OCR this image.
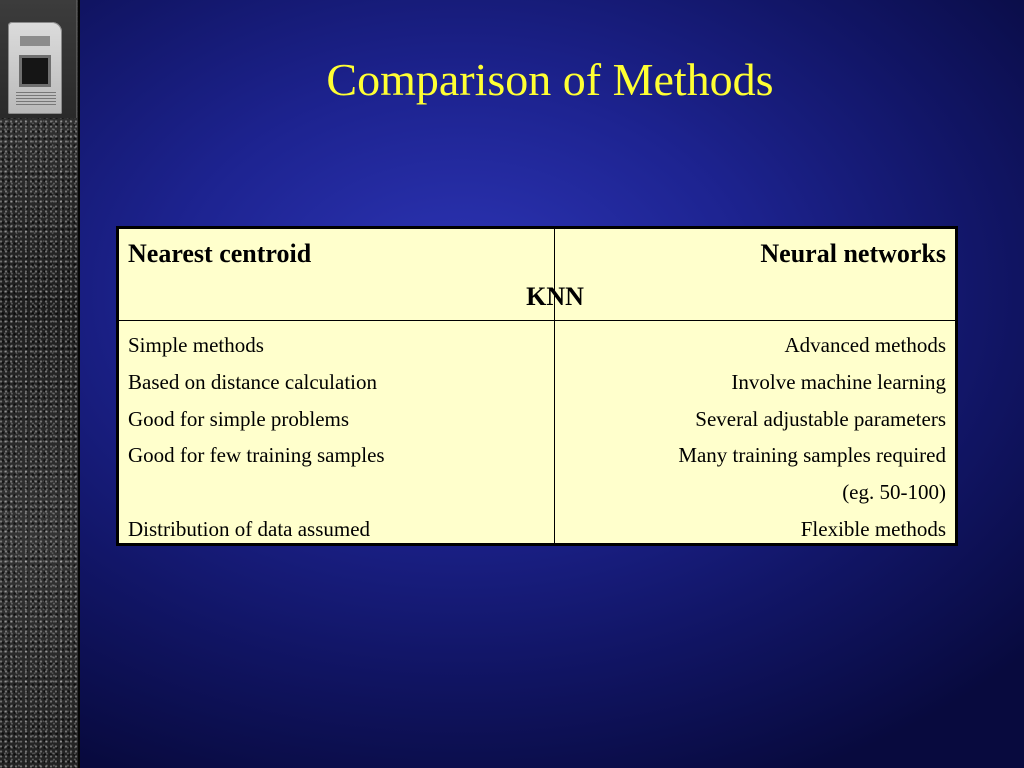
Comparison of Methods
Nearest centroid	Neural networks
KNN
Simple methods
Based on distance calculation
Good for simple problems
Good for few training samples
Distribution of data assumed
Advanced methods
Involve machine learning
Several adjustable parameters
Many training samples required
(eg. 50-100)
Flexible methods
